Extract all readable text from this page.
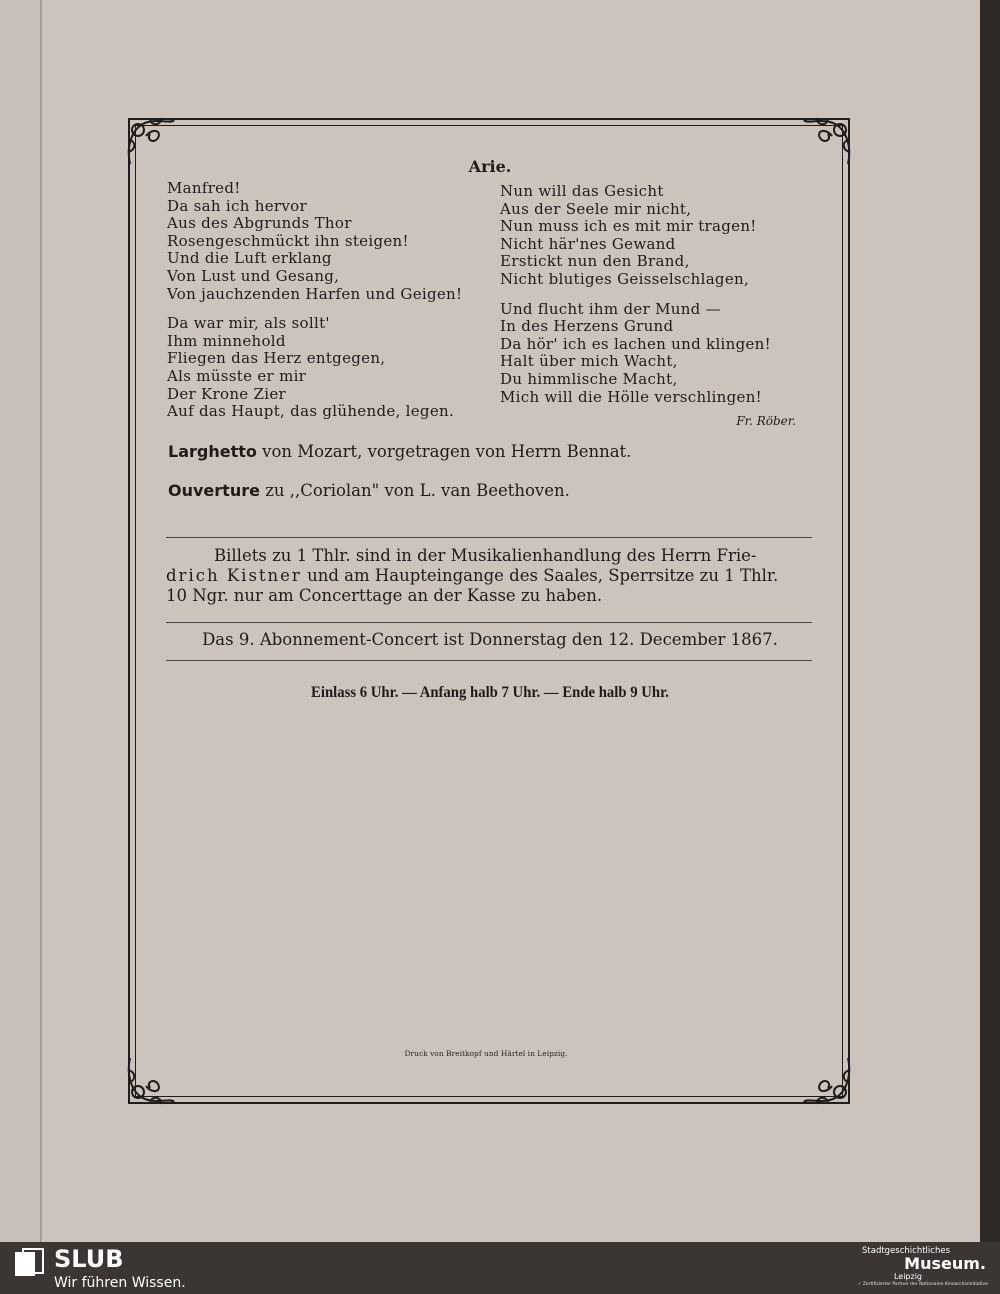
Arie.
Manfred!
Da sah ich hervor
Aus des Abgrunds Thor
Rosengeschmückt ihn steigen!
Und die Luft erklang
Von Lust und Gesang,
Von jauchzenden Harfen und Geigen!
Da war mir, als sollt'
Ihm minnehold
Fliegen das Herz entgegen,
Als müsste er mir
Der Krone Zier
Auf das Haupt, das glühende, legen.
Nun will das Gesicht
Aus der Seele mir nicht,
Nun muss ich es mit mir tragen!
Nicht här'nes Gewand
Erstickt nun den Brand,
Nicht blutiges Geisselschlagen,
Und flucht ihm der Mund —
In des Herzens Grund
Da hör' ich es lachen und klingen!
Halt über mich Wacht,
Du himmlische Macht,
Mich will die Hölle verschlingen!
Fr. Röber.
Larghetto von Mozart, vorgetragen von Herrn Bennat.
Ouverture zu ,,Coriolan" von L. van Beethoven.
Billets zu 1 Thlr. sind in der Musikalienhandlung des Herrn Frie-
drich Kistner und am Haupteingange des Saales, Sperrsitze zu 1 Thlr.
10 Ngr. nur am Concerttage an der Kasse zu haben.
Das 9. Abonnement-Concert ist Donnerstag den 12. December 1867.
Einlass 6 Uhr. — Anfang halb 7 Uhr. — Ende halb 9 Uhr.
Druck von Breitkopf und Härtel in Leipzig.
SLUB
Wir führen Wissen.
Stadtgeschichtliches
Museum.
Leipzig
✓ Zertifizierter Partner der Nationalen Kinoarchivinitiative
